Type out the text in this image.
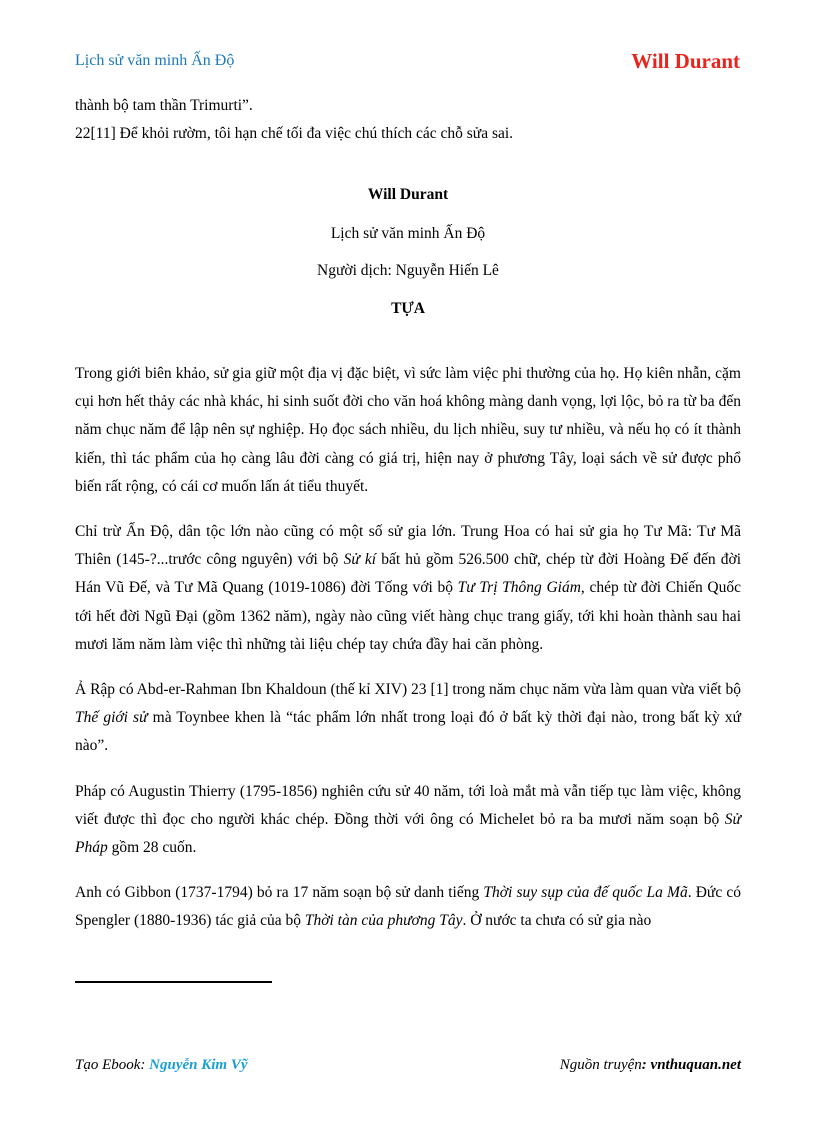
Lịch sử văn minh Ấn Độ	Will Durant
thành bộ tam thần Trimurti”.
22[11] Để khỏi rườm, tôi hạn chế tối đa việc chú thích các chỗ sửa sai.
Will Durant
Lịch sử văn minh Ấn Độ
Người dịch: Nguyễn Hiến Lê
TỰA

Trong giới biên khảo, sử gia giữ một địa vị đặc biệt, vì sức làm việc phi thường của họ. Họ kiên nhẫn, cặm cụi hơn hết thảy các nhà khác, hi sinh suốt đời cho văn hoá không màng danh vọng, lợi lộc, bỏ ra từ ba đến năm chục năm để lập nên sự nghiệp. Họ đọc sách nhiều, du lịch nhiều, suy tư nhiều, và nếu họ có ít thành kiến, thì tác phẩm của họ càng lâu đời càng có giá trị, hiện nay ở phương Tây, loại sách về sử được phổ biến rất rộng, có cái cơ muốn lấn át tiểu thuyết.

Chỉ trừ Ấn Độ, dân tộc lớn nào cũng có một số sử gia lớn. Trung Hoa có hai sử gia họ Tư Mã: Tư Mã Thiên (145-?...trước công nguyên) với bộ Sử kí bất hủ gồm 526.500 chữ, chép từ đời Hoàng Đế đến đời Hán Vũ Đế, và Tư Mã Quang (1019-1086) đời Tống với bộ Tư Trị Thông Giám, chép từ đời Chiến Quốc tới hết đời Ngũ Đại (gồm 1362 năm), ngày nào cũng viết hàng chục trang giấy, tới khi hoàn thành sau hai mươi lăm năm làm việc thì những tài liệu chép tay chứa đầy hai căn phòng.

Ả Rập có Abd-er-Rahman Ibn Khaldoun (thế kỉ XIV) 23 [1] trong năm chục năm vừa làm quan vừa viết bộ Thế giới sử mà Toynbee khen là “tác phẩm lớn nhất trong loại đó ở bất kỳ thời đại nào, trong bất kỳ xứ nào”.

Pháp có Augustin Thierry (1795-1856) nghiên cứu sử 40 năm, tới loà mắt mà vẫn tiếp tục làm việc, không viết được thì đọc cho người khác chép. Đồng thời với ông có Michelet bỏ ra ba mươi năm soạn bộ Sử Pháp gồm 28 cuốn.

Anh có Gibbon (1737-1794) bỏ ra 17 năm soạn bộ sử danh tiếng Thời suy sụp của đế quốc La Mã. Đức có Spengler (1880-1936) tác giả của bộ Thời tàn của phương Tây. Ở nước ta chưa có sử gia nào

Tạo Ebook: Nguyễn Kim Vỹ	Nguồn truyện: vnthuquan.net
